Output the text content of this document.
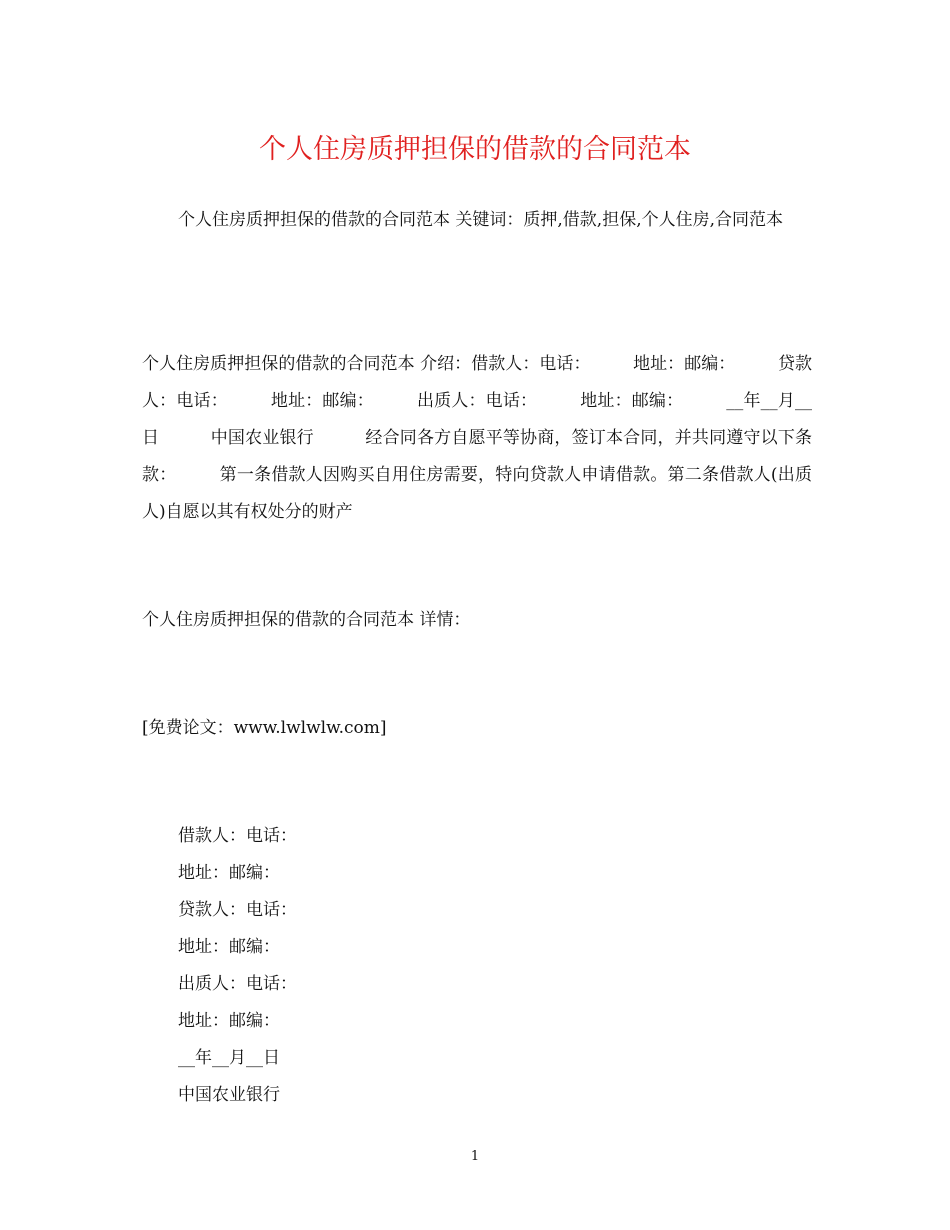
个人住房质押担保的借款的合同范本

个人住房质押担保的借款的合同范本 关键词：质押,借款,担保,个人住房,合同范本

个人住房质押担保的借款的合同范本 介绍：借款人：电话：　　　地址：邮编：　　　贷款人：电话：　　　地址：邮编：　　　出质人：电话：　　　地址：邮编：　　　__年__月__日　　　中国农业银行　　　经合同各方自愿平等协商，签订本合同，并共同遵守以下条款：　　　第一条借款人因购买自用住房需要，特向贷款人申请借款。第二条借款人(出质人)自愿以其有权处分的财产

个人住房质押担保的借款的合同范本 详情：

[免费论文：www.lwlwlw.com]

借款人：电话：
地址：邮编：
贷款人：电话：
地址：邮编：
出质人：电话：
地址：邮编：
__年__月__日
中国农业银行
1
